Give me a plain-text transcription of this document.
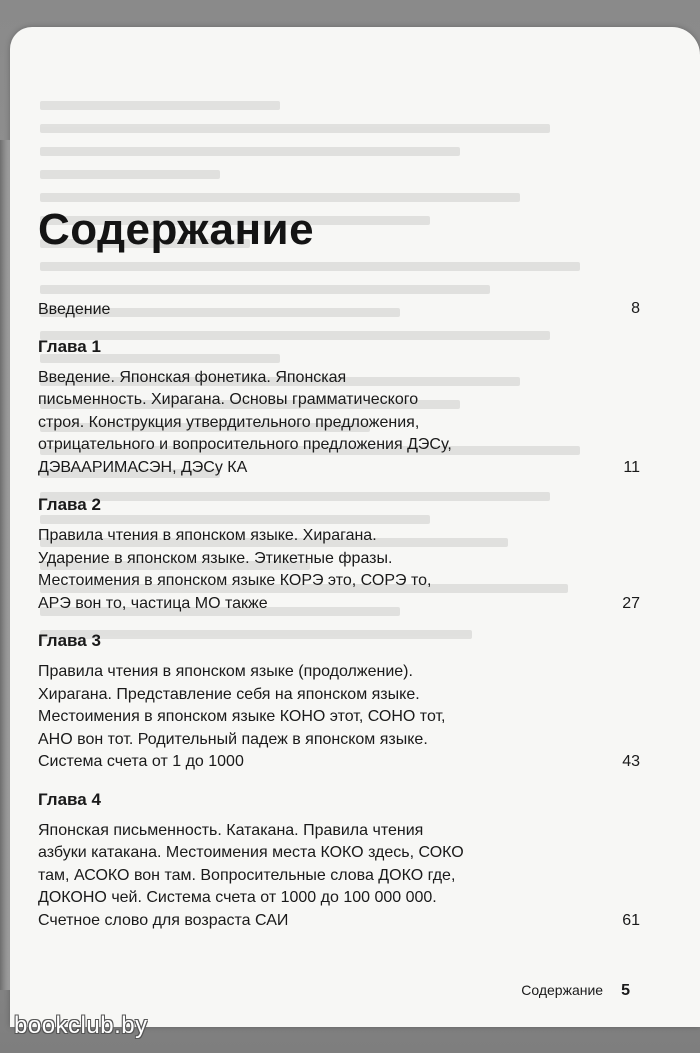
Содержание
Введение	8
Глава 1
Введение. Японская фонетика. Японская
письменность. Хирагана. Основы грамматического
строя. Конструкция утвердительного предложения,
отрицательного и вопросительного предложения ДЭСу,
ДЭВААРИМАСЭН, ДЭСу КА	11
Глава 2
Правила чтения в японском языке. Хирагана.
Ударение в японском языке. Этикетные фразы.
Местоимения в японском языке КОРЭ это, СОРЭ то,
АРЭ вон то, частица МО также	27
Глава 3
Правила чтения в японском языке (продолжение).
Хирагана. Представление себя на японском языке.
Местоимения в японском языке КОНО этот, СОНО тот,
АНО вон тот. Родительный падеж в японском языке.
Система счета от 1 до 1000	43
Глава 4
Японская письменность. Катакана. Правила чтения
азбуки катакана. Местоимения места КОКО здесь, СОКО
там, АСОКО вон там. Вопросительные слова ДОКО где,
ДОКОНО чей. Система счета от 1000 до 100 000 000.
Счетное слово для возраста САИ	61
Содержание 5
bookclub.by
